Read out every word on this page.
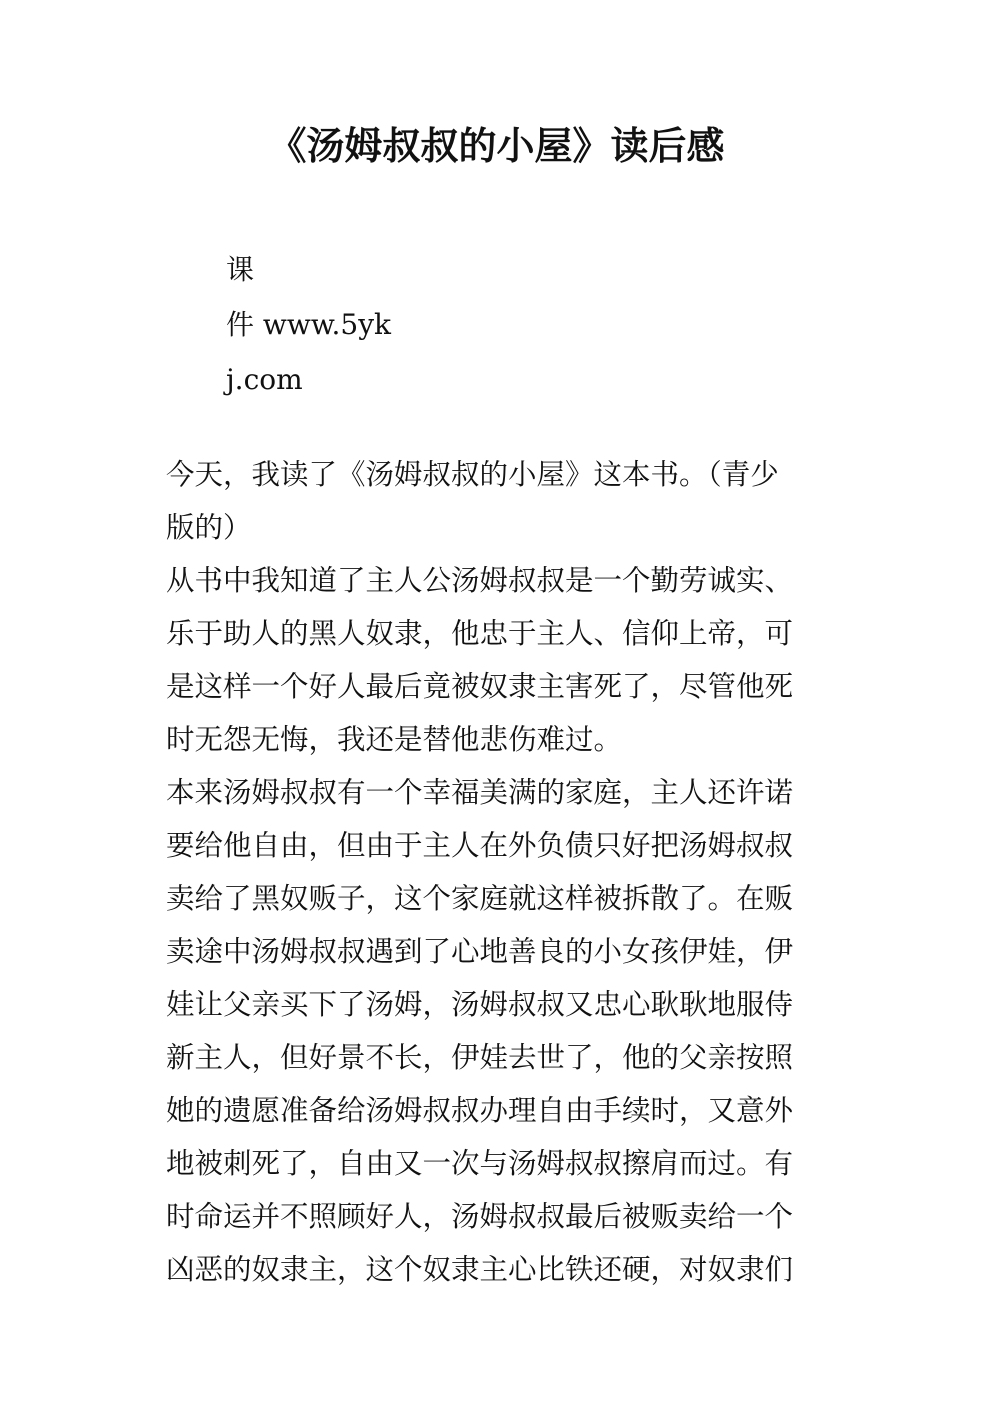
《汤姆叔叔的小屋》读后感
课
件 www.5yk
j.com
今天，我读了《汤姆叔叔的小屋》这本书。（青少
版的）
从书中我知道了主人公汤姆叔叔是一个勤劳诚实、
乐于助人的黑人奴隶，他忠于主人、信仰上帝，可
是这样一个好人最后竟被奴隶主害死了，尽管他死
时无怨无悔，我还是替他悲伤难过。
本来汤姆叔叔有一个幸福美满的家庭，主人还许诺
要给他自由，但由于主人在外负债只好把汤姆叔叔
卖给了黑奴贩子，这个家庭就这样被拆散了。在贩
卖途中汤姆叔叔遇到了心地善良的小女孩伊娃，伊
娃让父亲买下了汤姆，汤姆叔叔又忠心耿耿地服侍
新主人，但好景不长，伊娃去世了，他的父亲按照
她的遗愿准备给汤姆叔叔办理自由手续时，又意外
地被刺死了，自由又一次与汤姆叔叔擦肩而过。有
时命运并不照顾好人，汤姆叔叔最后被贩卖给一个
凶恶的奴隶主，这个奴隶主心比铁还硬，对奴隶们
